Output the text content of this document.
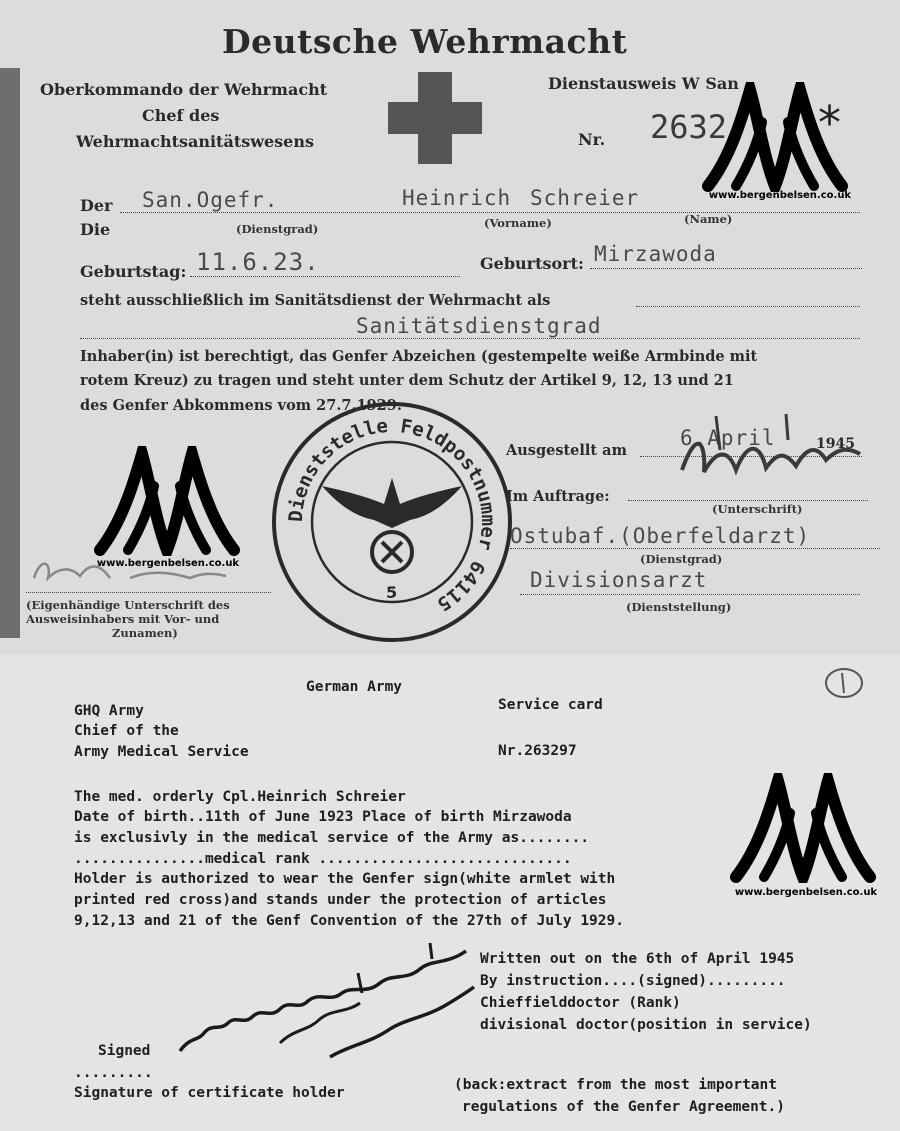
Deutsche Wehrmacht
Oberkommando der Wehrmacht
Chef des
Wehrmachtsanitätswesens
Dienstausweis W San
Nr. 2632 *
Der
Die
San.Ogefr.	Heinrich Schreier
(Dienstgrad)	(Vorname)	(Name)
Geburtstag: 11.6.23.	Geburtsort: Mirzawoda
steht ausschließlich im Sanitätsdienst der Wehrmacht als
Sanitätsdienstgrad
Inhaber(in) ist berechtigt, das Genfer Abzeichen (gestempelte weiße Armbinde mit
rotem Kreuz) zu tragen und steht unter dem Schutz der Artikel 9, 12, 13 und 21
des Genfer Abkommens vom 27.7.1929.
Ausgestellt am
6.April	1945
Im Auftrage:
(Unterschrift)
Ostubaf.(Oberfeldarzt)
(Dienstgrad)
Divisionsarzt
(Dienststellung)
(Eigenhändige Unterschrift des
Ausweisinhabers mit Vor- und
Zunamen)
Dienststelle Feldpostnummer 64115
5
www.bergenbelsen.co.uk
www.bergenbelsen.co.uk
German Army
GHQ Army
Chief of the
Army Medical Service
Service card
Nr.263297
The med. orderly Cpl.Heinrich Schreier
Date of birth..11th of June 1923 Place of birth Mirzawoda
is exclusivly in the medical service of the Army as........
...............medical rank .............................
Holder is authorized to wear the Genfer sign(white armlet with
printed red cross)and stands under the protection of articles
9,12,13 and 21 of the Genf Convention of the 27th of July 1929.
Written out on the 6th of April 1945
By instruction....(signed).........
Chieffielddoctor (Rank)
divisional doctor(position in service)
Signed
.........
Signature of certificate holder	(back:extract from the most important
regulations of the Genfer Agreement.)
www.bergenbelsen.co.uk
